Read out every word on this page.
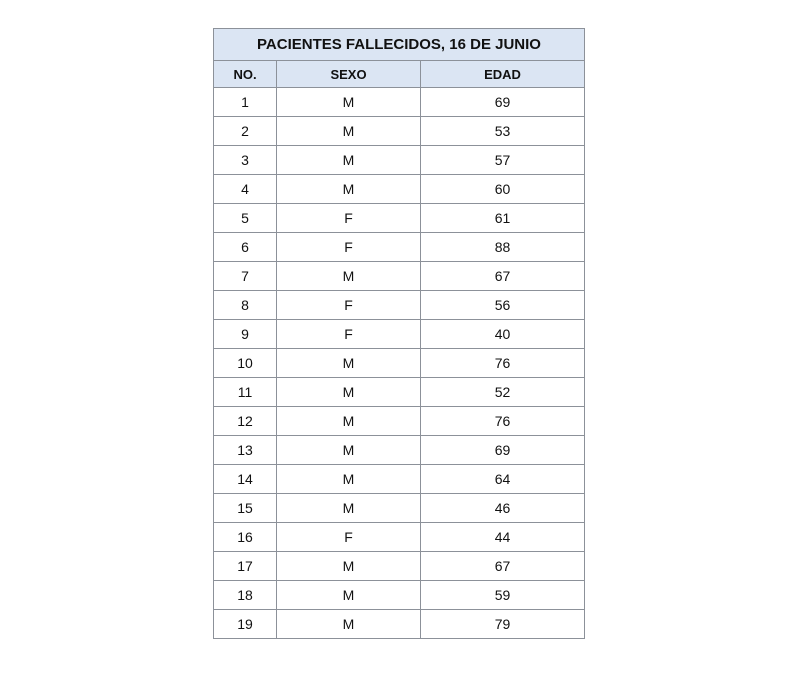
PACIENTES FALLECIDOS, 16 DE JUNIO		
NO.	SEXO	EDAD
1	M	69
2	M	53
3	M	57
4	M	60
5	F	61
6	F	88
7	M	67
8	F	56
9	F	40
10	M	76
11	M	52
12	M	76
13	M	69
14	M	64
15	M	46
16	F	44
17	M	67
18	M	59
19	M	79
